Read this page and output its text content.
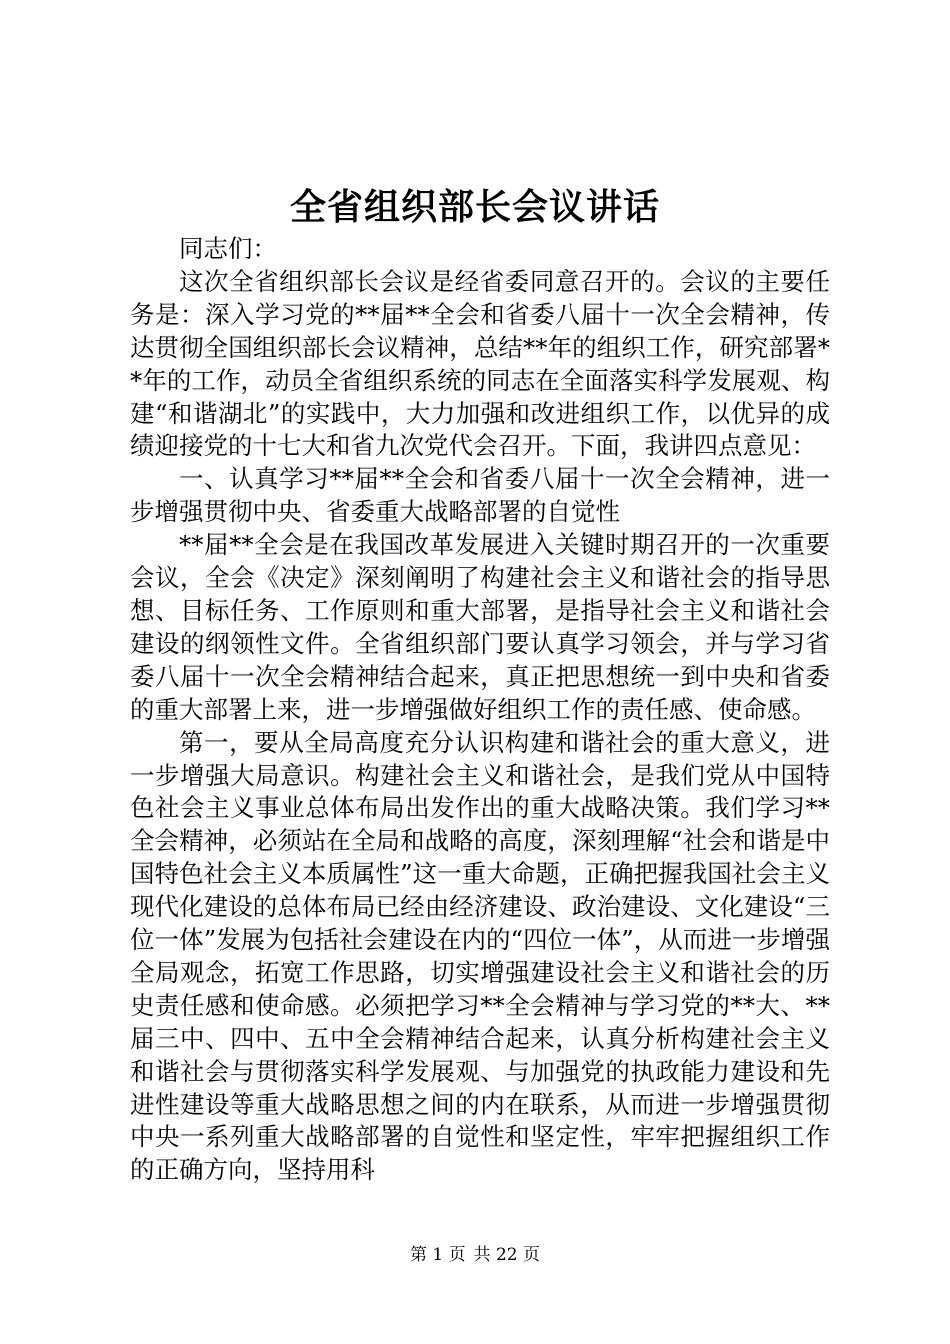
全省组织部长会议讲话

同志们：

这次全省组织部长会议是经省委同意召开的。会议的主要任务是：深入学习党的**届**全会和省委八届十一次全会精神，传达贯彻全国组织部长会议精神，总结**年的组织工作，研究部署**年的工作，动员全省组织系统的同志在全面落实科学发展观、构建“和谐湖北”的实践中，大力加强和改进组织工作，以优异的成绩迎接党的十七大和省九次党代会召开。下面，我讲四点意见：

一、认真学习**届**全会和省委八届十一次全会精神，进一步增强贯彻中央、省委重大战略部署的自觉性

**届**全会是在我国改革发展进入关键时期召开的一次重要会议，全会《决定》深刻阐明了构建社会主义和谐社会的指导思想、目标任务、工作原则和重大部署，是指导社会主义和谐社会建设的纲领性文件。全省组织部门要认真学习领会，并与学习省委八届十一次全会精神结合起来，真正把思想统一到中央和省委的重大部署上来，进一步增强做好组织工作的责任感、使命感。

第一，要从全局高度充分认识构建和谐社会的重大意义，进一步增强大局意识。构建社会主义和谐社会，是我们党从中国特色社会主义事业总体布局出发作出的重大战略决策。我们学习**全会精神，必须站在全局和战略的高度，深刻理解“社会和谐是中国特色社会主义本质属性”这一重大命题，正确把握我国社会主义现代化建设的总体布局已经由经济建设、政治建设、文化建设“三位一体”发展为包括社会建设在内的“四位一体”，从而进一步增强全局观念，拓宽工作思路，切实增强建设社会主义和谐社会的历史责任感和使命感。必须把学习**全会精神与学习党的**大、**届三中、四中、五中全会精神结合起来，认真分析构建社会主义和谐社会与贯彻落实科学发展观、与加强党的执政能力建设和先进性建设等重大战略思想之间的内在联系，从而进一步增强贯彻中央一系列重大战略部署的自觉性和坚定性，牢牢把握组织工作的正确方向，坚持用科

第 1 页 共 22 页
